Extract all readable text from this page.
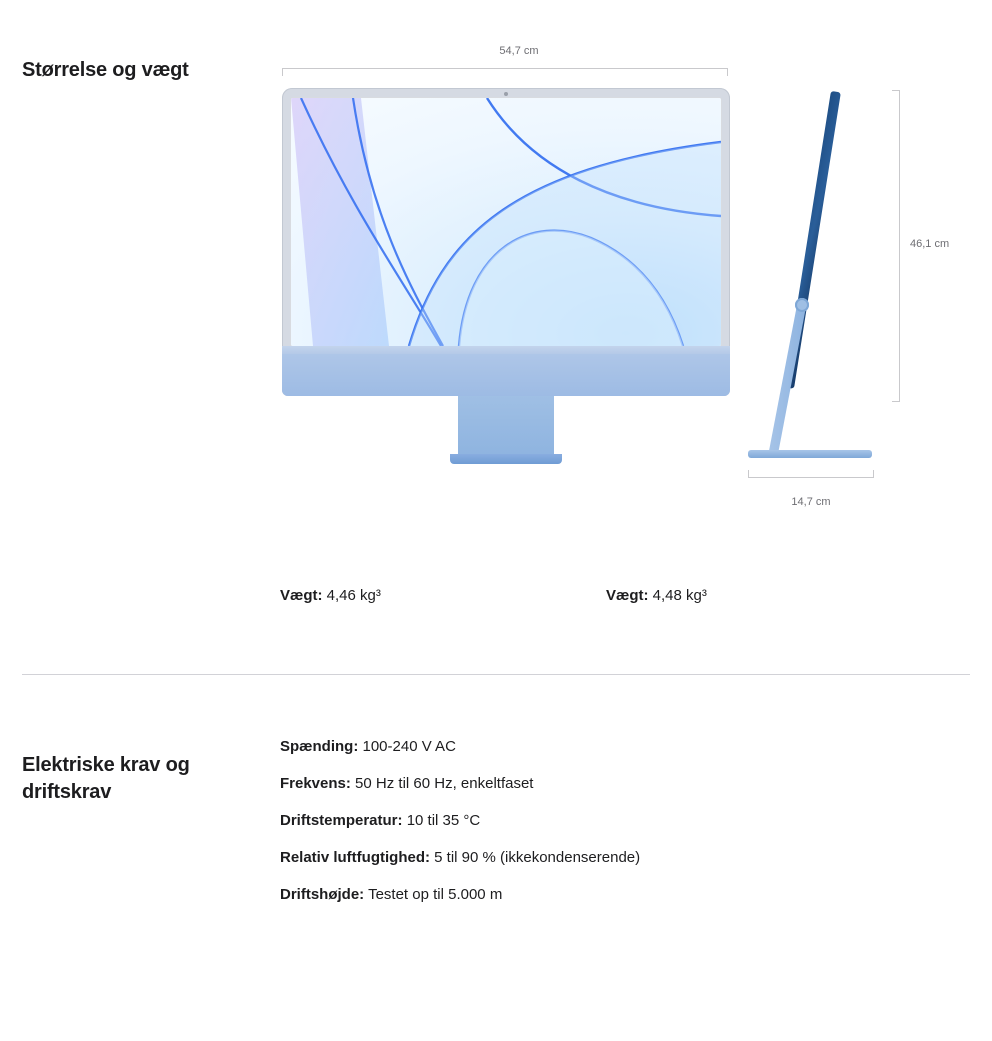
Størrelse og vægt
54,7 cm
46,1 cm
14,7 cm
Vægt: 4,46 kg³	Vægt: 4,48 kg³
Elektriske krav og driftskrav
Spænding: 100-240 V AC
Frekvens: 50 Hz til 60 Hz, enkeltfaset
Driftstemperatur: 10 til 35 °C
Relativ luftfugtighed: 5 til 90 % (ikkekondenserende)
Driftshøjde: Testet op til 5.000 m
